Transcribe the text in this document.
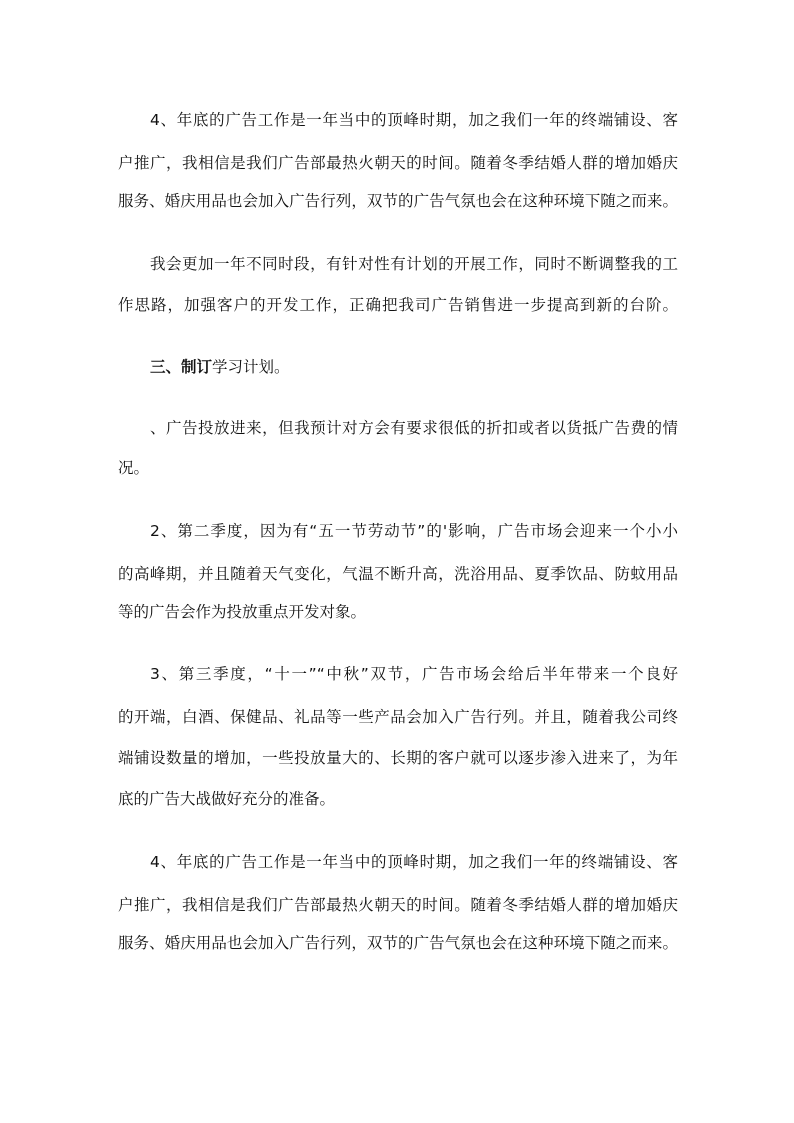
4、年底的广告工作是一年当中的顶峰时期，加之我们一年的终端铺设、客
户推广，我相信是我们广告部最热火朝天的时间。随着冬季结婚人群的增加婚庆
服务、婚庆用品也会加入广告行列，双节的广告气氛也会在这种环境下随之而来。
我会更加一年不同时段，有针对性有计划的开展工作，同时不断调整我的工
作思路，加强客户的开发工作，正确把我司广告销售进一步提高到新的台阶。
三、制订学习计划。
、广告投放进来，但我预计对方会有要求很低的折扣或者以货抵广告费的情
况。
2、第二季度，因为有“五一节劳动节”的'影响，广告市场会迎来一个小小
的高峰期，并且随着天气变化，气温不断升高，洗浴用品、夏季饮品、防蚊用品
等的广告会作为投放重点开发对象。
3、第三季度，“十一”“中秋”双节，广告市场会给后半年带来一个良好
的开端，白酒、保健品、礼品等一些产品会加入广告行列。并且，随着我公司终
端铺设数量的增加，一些投放量大的、长期的客户就可以逐步渗入进来了，为年
底的广告大战做好充分的准备。
4、年底的广告工作是一年当中的顶峰时期，加之我们一年的终端铺设、客
户推广，我相信是我们广告部最热火朝天的时间。随着冬季结婚人群的增加婚庆
服务、婚庆用品也会加入广告行列，双节的广告气氛也会在这种环境下随之而来。
